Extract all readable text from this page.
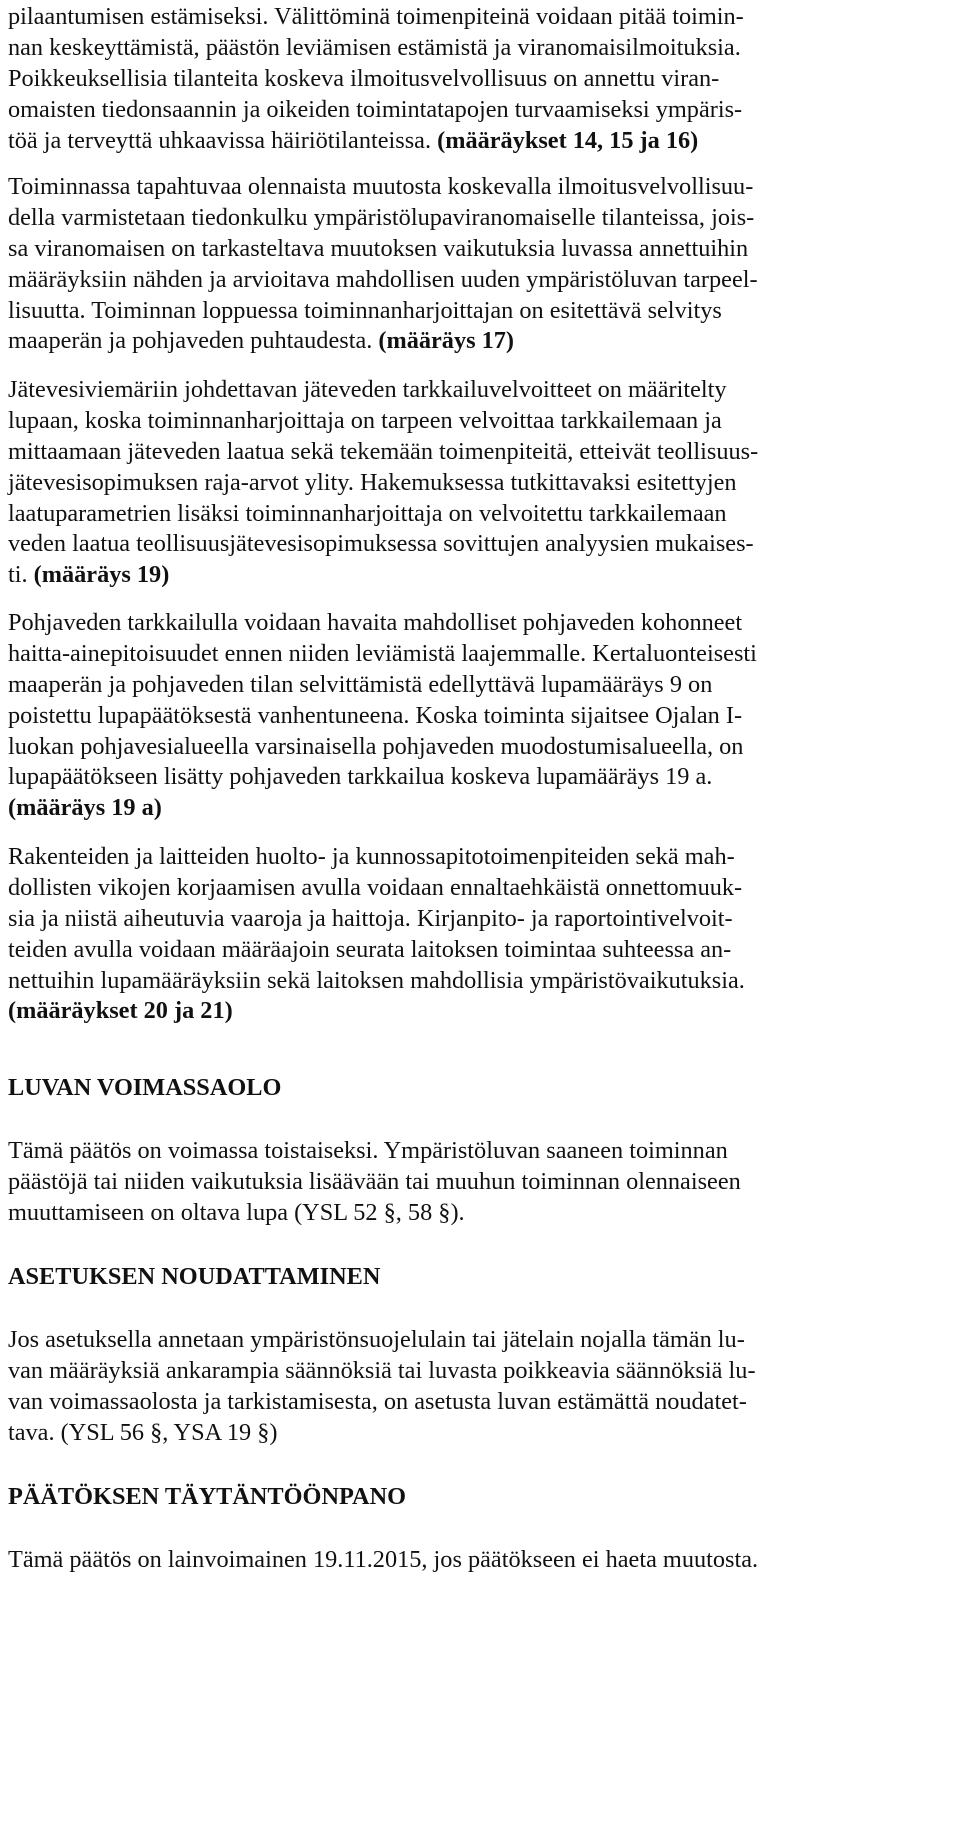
pilaantumisen estämiseksi. Välittöminä toimenpiteinä voidaan pitää toimin-
nan keskeyttämistä, päästön leviämisen estämistä ja viranomaisilmoituksia.
Poikkeuksellisia tilanteita koskeva ilmoitusvelvollisuus on annettu viran-
omaisten tiedonsaannin ja oikeiden toimintatapojen turvaamiseksi ympäris-
töä ja terveyttä uhkaavissa häiriötilanteissa. (määräykset 14, 15 ja 16)
Toiminnassa tapahtuvaa olennaista muutosta koskevalla ilmoitusvelvollisuu-
della varmistetaan tiedonkulku ympäristölupaviranomaiselle tilanteissa, jois-
sa viranomaisen on tarkasteltava muutoksen vaikutuksia luvassa annettuihin
määräyksiin nähden ja arvioitava mahdollisen uuden ympäristöluvan tarpeel-
lisuutta. Toiminnan loppuessa toiminnanharjoittajan on esitettävä selvitys
maaperän ja pohjaveden puhtaudesta. (määräys 17)
Jätevesiviemäriin johdettavan jäteveden tarkkailuvelvoitteet on määritelty
lupaan, koska toiminnanharjoittaja on tarpeen velvoittaa tarkkailemaan ja
mittaamaan jäteveden laatua sekä tekemään toimenpiteitä, etteivät teollisuus-
jätevesisopimuksen raja-arvot ylity. Hakemuksessa tutkittavaksi esitettyjen
laatuparametrien lisäksi toiminnanharjoittaja on velvoitettu tarkkailemaan
veden laatua teollisuusjätevesisopimuksessa sovittujen analyysien mukaises-
ti. (määräys 19)
Pohjaveden tarkkailulla voidaan havaita mahdolliset pohjaveden kohonneet
haitta-ainepitoisuudet ennen niiden leviämistä laajemmalle. Kertaluonteisesti
maaperän ja pohjaveden tilan selvittämistä edellyttävä lupamääräys 9 on
poistettu lupapäätöksestä vanhentuneena. Koska toiminta sijaitsee Ojalan I-
luokan pohjavesialueella varsinaisella pohjaveden muodostumisalueella, on
lupapäätökseen lisätty pohjaveden tarkkailua koskeva lupamääräys 19 a.
(määräys 19 a)
Rakenteiden ja laitteiden huolto- ja kunnossapitotoimenpiteiden sekä mah-
dollisten vikojen korjaamisen avulla voidaan ennaltaehkäistä onnettomuuk-
sia ja niistä aiheutuvia vaaroja ja haittoja. Kirjanpito- ja raportointivelvoit-
teiden avulla voidaan määräajoin seurata laitoksen toimintaa suhteessa an-
nettuihin lupamääräyksiin sekä laitoksen mahdollisia ympäristövaikutuksia.
(määräykset 20 ja 21)
LUVAN VOIMASSAOLO
Tämä päätös on voimassa toistaiseksi. Ympäristöluvan saaneen toiminnan
päästöjä tai niiden vaikutuksia lisäävään tai muuhun toiminnan olennaiseen
muuttamiseen on oltava lupa (YSL 52 §, 58 §).
ASETUKSEN NOUDATTAMINEN
Jos asetuksella annetaan ympäristönsuojelulain tai jätelain nojalla tämän lu-
van määräyksiä ankarampia säännöksiä tai luvasta poikkeavia säännöksiä lu-
van voimassaolosta ja tarkistamisesta, on asetusta luvan estämättä noudatet-
tava. (YSL 56 §, YSA 19 §)
PÄÄTÖKSEN TÄYTÄNTÖÖNPANO
Tämä päätös on lainvoimainen 19.11.2015, jos päätökseen ei haeta muutosta.
